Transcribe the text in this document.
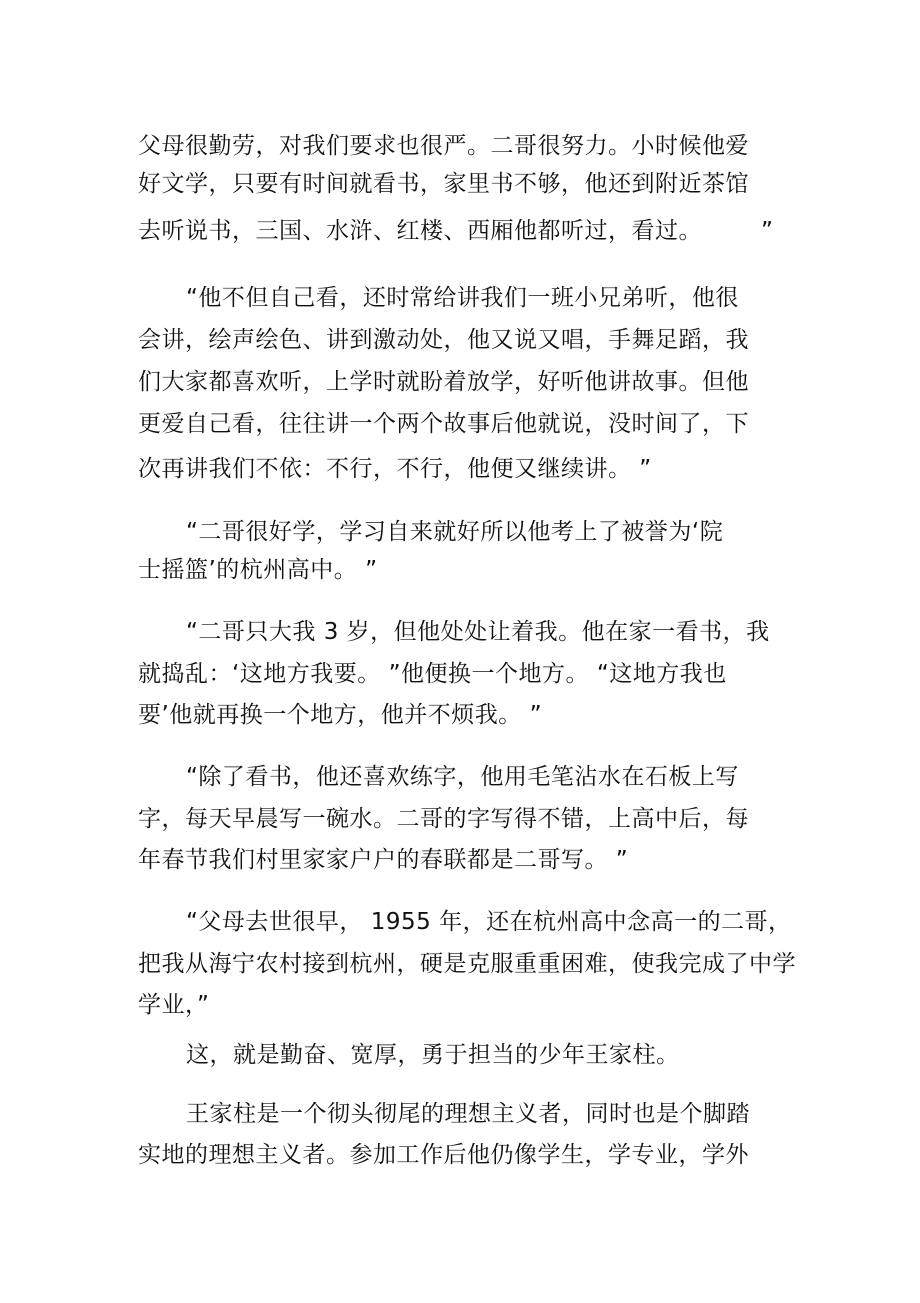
父母很勤劳，对我们要求也很严。二哥很努力。小时候他爱
好文学，只要有时间就看书，家里书不够，他还到附近茶馆
去听说书，三国、水浒、红楼、西厢他都听过，看过。　　　”
“他不但自己看，还时常给讲我们一班小兄弟听，他很
会讲，绘声绘色、讲到激动处，他又说又唱，手舞足蹈，我
们大家都喜欢听，上学时就盼着放学，好听他讲故事。但他
更爱自己看，往往讲一个两个故事后他就说，没时间了，下
次再讲我们不依：不行，不行，他便又继续讲。 ”
“二哥很好学，学习自来就好所以他考上了被誉为‘院
士摇篮’的杭州高中。 ”
“二哥只大我 3 岁，但他处处让着我。他在家一看书，我
就捣乱：‘这地方我要。 ”他便换一个地方。 “这地方我也
要’他就再换一个地方，他并不烦我。 ”
“除了看书，他还喜欢练字，他用毛笔沾水在石板上写
字，每天早晨写一碗水。二哥的字写得不错，上高中后，每
年春节我们村里家家户户的春联都是二哥写。 ”
“父母去世很早， 1955 年，还在杭州高中念高一的二哥，
把我从海宁农村接到杭州，硬是克服重重困难，使我完成了中学
学业，”
这，就是勤奋、宽厚，勇于担当的少年王家柱。
王家柱是一个彻头彻尾的理想主义者，同时也是个脚踏
实地的理想主义者。参加工作后他仍像学生，学专业，学外
